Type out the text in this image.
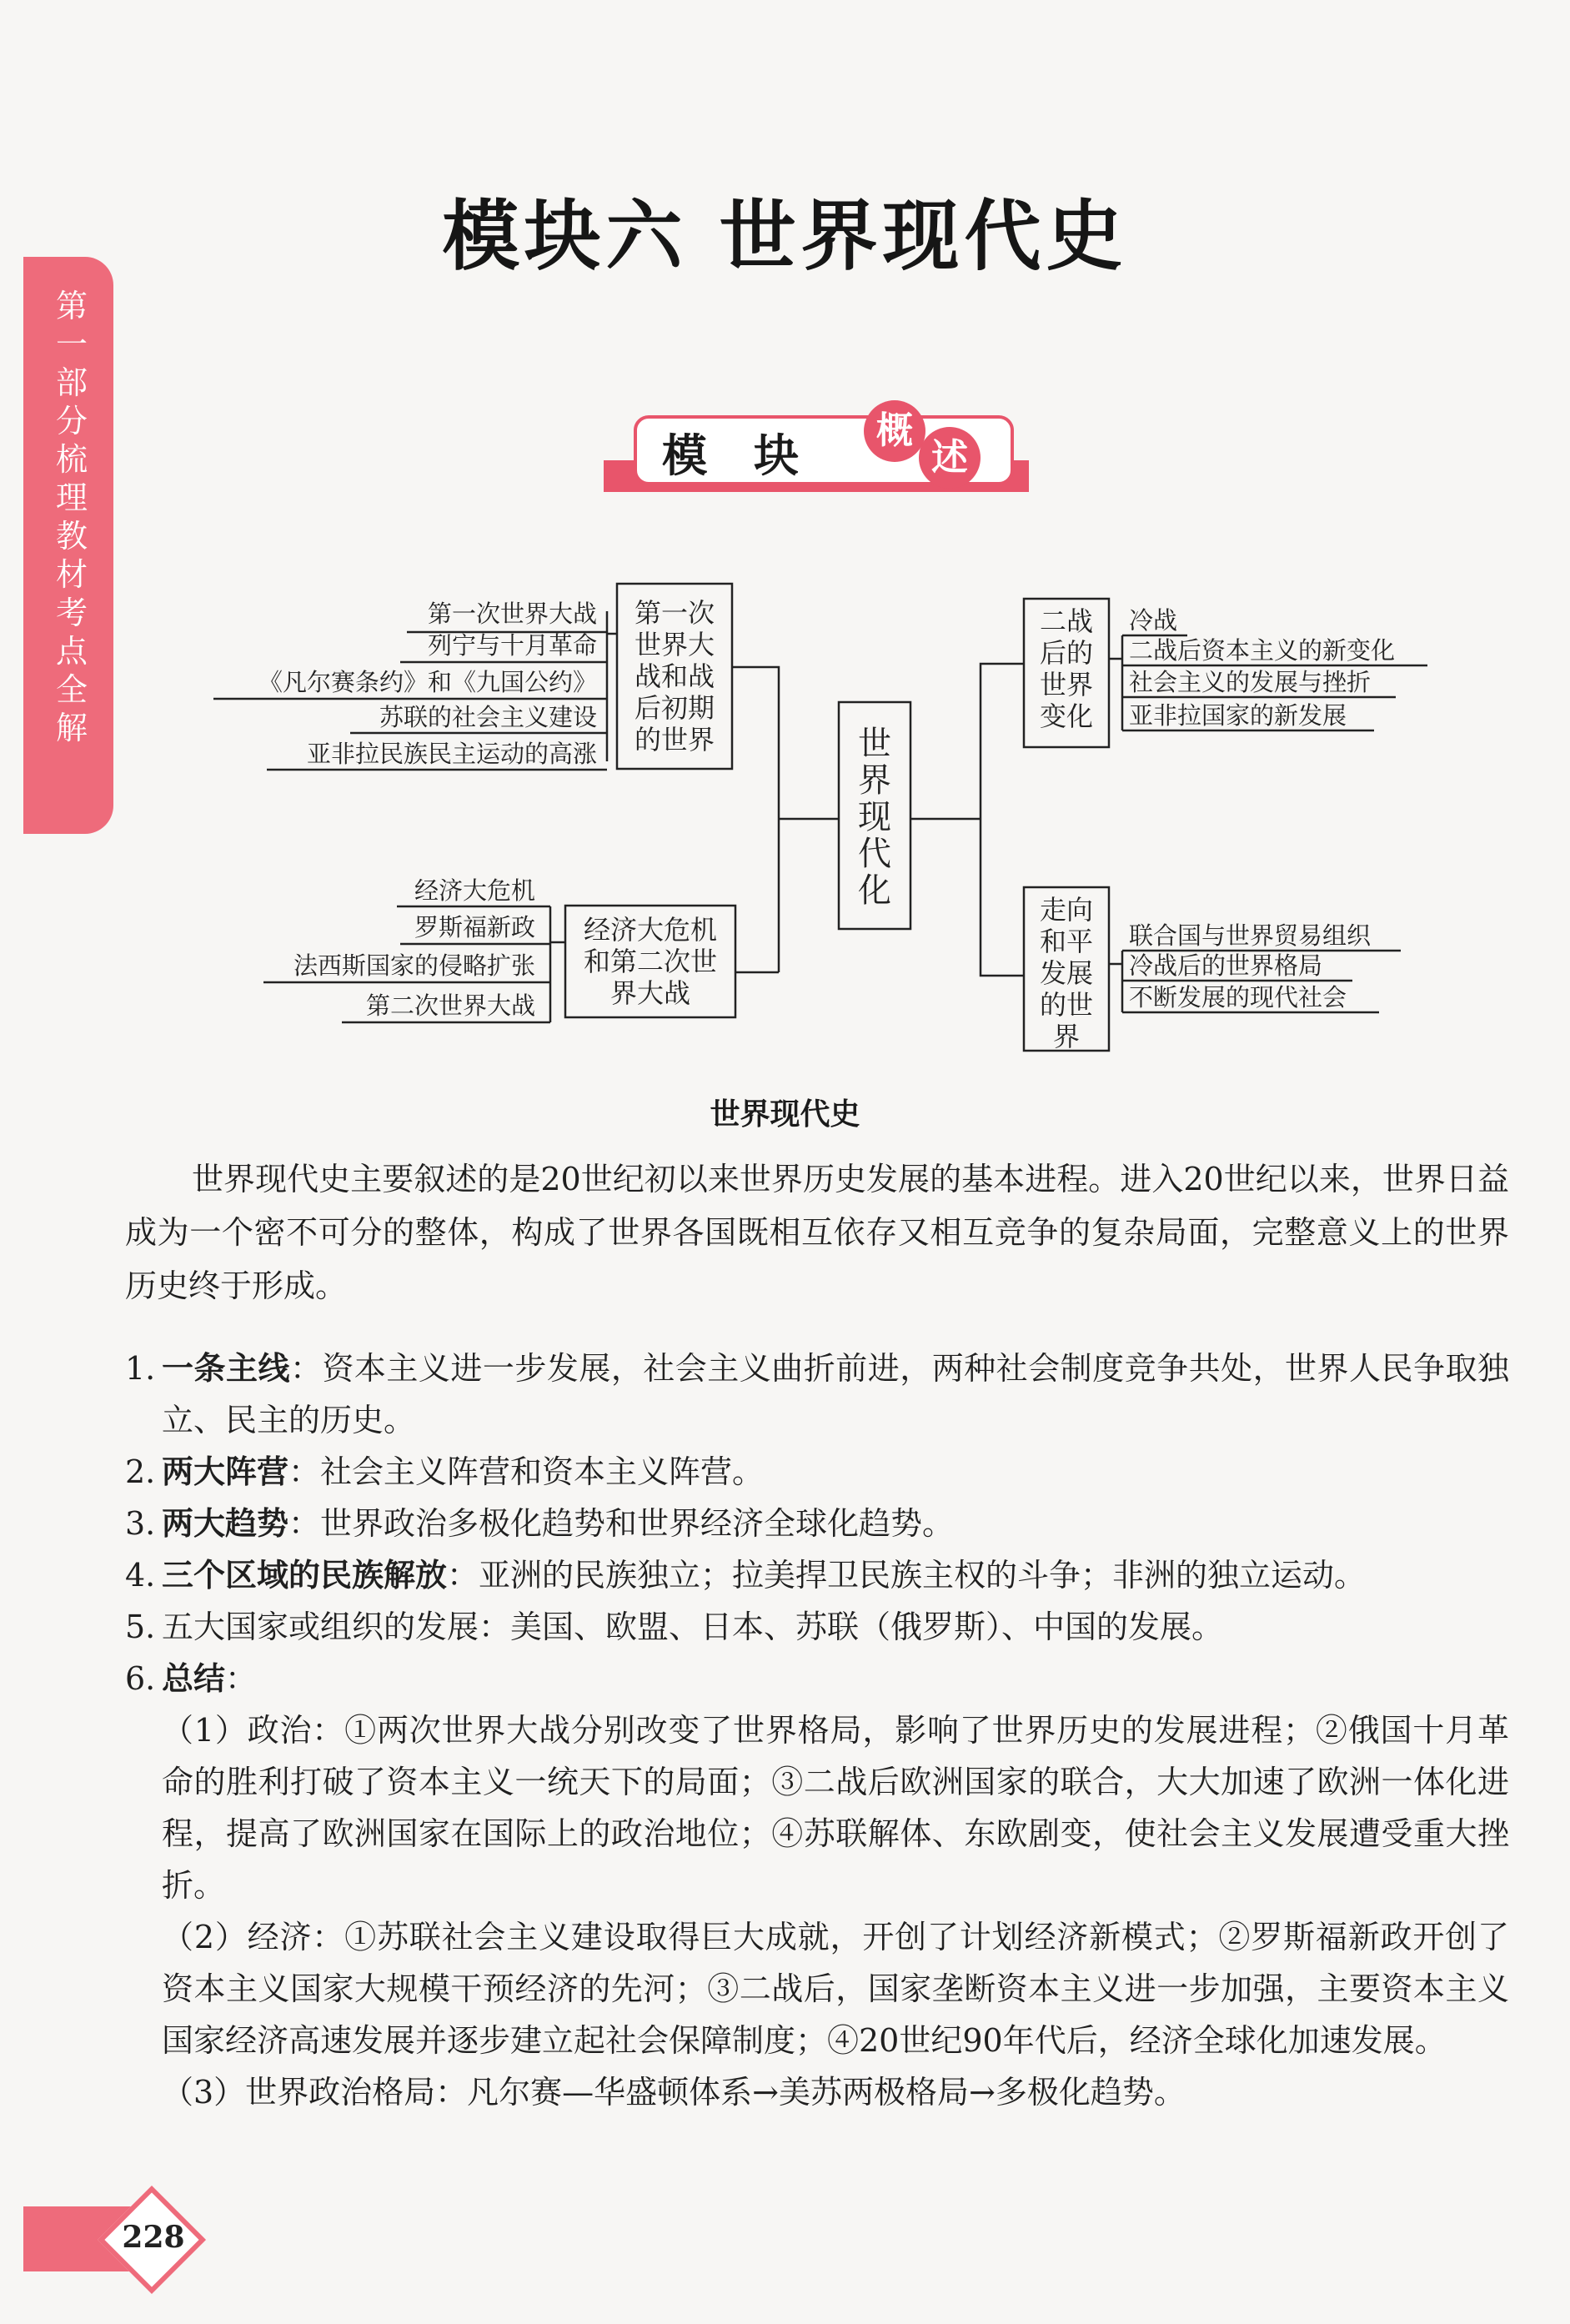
第一部分
梳理教材
考点全解
模块六 世界现代史
模块 概
述
世
界
现
代
化
第一次
世界大
战和战
后初期
的世界
第一次世界大战
列宁与十月革命
《凡尔赛条约》和《九国公约》
苏联的社会主义建设
亚非拉民族民主运动的高涨
经济大危机
和第二次世
界大战
经济大危机
罗斯福新政
法西斯国家的侵略扩张
第二次世界大战
二战
后的
世界
变化
冷战
二战后资本主义的新变化
社会主义的发展与挫折
亚非拉国家的新发展
走向
和平
发展
的世
界
联合国与世界贸易组织
冷战后的世界格局
不断发展的现代社会
世界现代史
世界现代史主要叙述的是20世纪初以来世界历史发展的基本进程。进入20世纪以来，世界日益成为一个密不可分的整体，构成了世界各国既相互依存又相互竞争的复杂局面，完整意义上的世界历史终于形成。
1. 一条主线：资本主义进一步发展，社会主义曲折前进，两种社会制度竞争共处，世界人民争取独立、民主的历史。
2. 两大阵营：社会主义阵营和资本主义阵营。
3. 两大趋势：世界政治多极化趋势和世界经济全球化趋势。
4. 三个区域的民族解放：亚洲的民族独立；拉美捍卫民族主权的斗争；非洲的独立运动。
5. 五大国家或组织的发展：美国、欧盟、日本、苏联（俄罗斯）、中国的发展。
6. 总结：
（1）政治：①两次世界大战分别改变了世界格局，影响了世界历史的发展进程；②俄国十月革命的胜利打破了资本主义一统天下的局面；③二战后欧洲国家的联合，大大加速了欧洲一体化进程，提高了欧洲国家在国际上的政治地位；④苏联解体、东欧剧变，使社会主义发展遭受重大挫折。
（2）经济：①苏联社会主义建设取得巨大成就，开创了计划经济新模式；②罗斯福新政开创了资本主义国家大规模干预经济的先河；③二战后，国家垄断资本主义进一步加强，主要资本主义国家经济高速发展并逐步建立起社会保障制度；④20世纪90年代后，经济全球化加速发展。
（3）世界政治格局：凡尔赛—华盛顿体系→美苏两极格局→多极化趋势。
228
